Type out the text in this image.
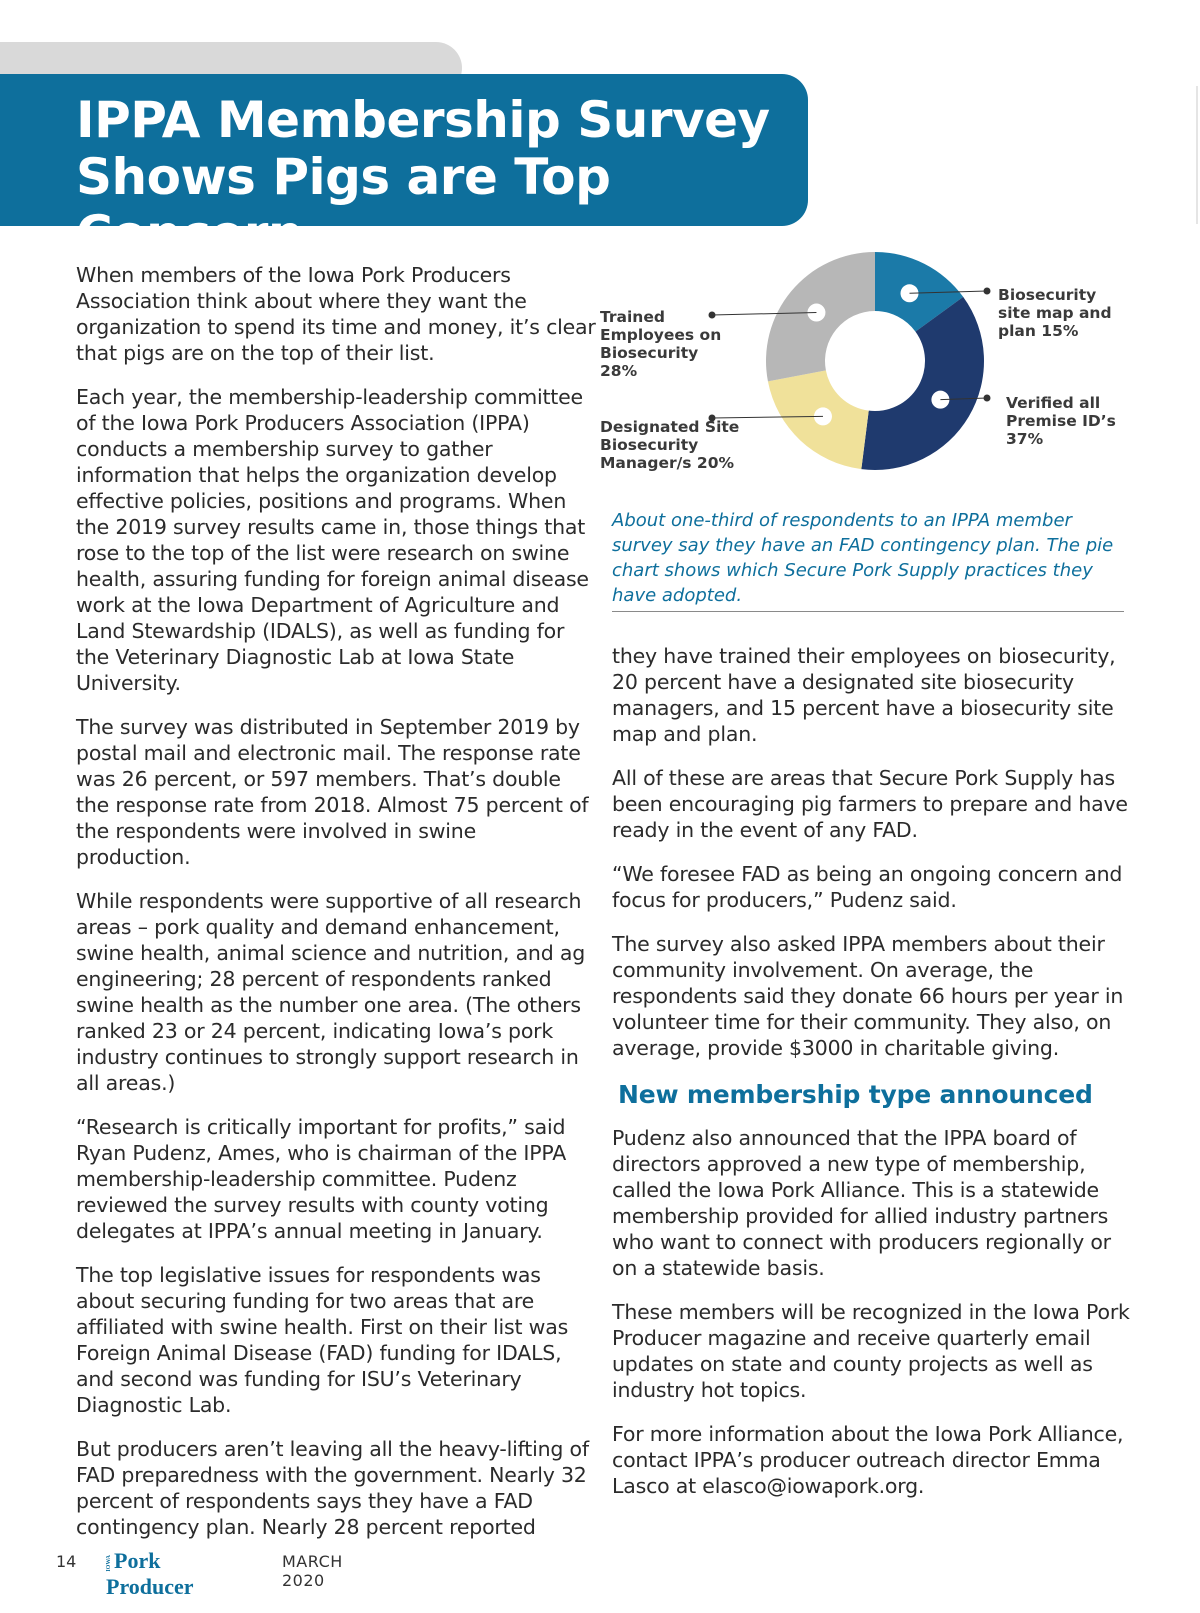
IPPA Membership Survey Shows Pigs are Top Concern

When members of the Iowa Pork Producers Association think about where they want the organization to spend its time and money, it’s clear that pigs are on the top of their list.

Each year, the membership-leadership committee of the Iowa Pork Producers Association (IPPA) conducts a membership survey to gather information that helps the organization develop effective policies, positions and programs. When the 2019 survey results came in, those things that rose to the top of the list were research on swine health, assuring funding for foreign animal disease work at the Iowa Department of Agriculture and Land Stewardship (IDALS), as well as funding for the Veterinary Diagnostic Lab at Iowa State University.

The survey was distributed in September 2019 by postal mail and electronic mail. The response rate was 26 percent, or 597 members. That’s double the response rate from 2018. Almost 75 percent of the respondents were involved in swine production.

While respondents were supportive of all research areas – pork quality and demand enhancement, swine health, animal science and nutrition, and ag engineering; 28 percent of respondents ranked swine health as the number one area. (The others ranked 23 or 24 percent, indicating Iowa’s pork industry continues to strongly support research in all areas.)

“Research is critically important for profits,” said Ryan Pudenz, Ames, who is chairman of the IPPA membership-leadership committee. Pudenz reviewed the survey results with county voting delegates at IPPA’s annual meeting in January.

The top legislative issues for respondents was about securing funding for two areas that are affiliated with swine health. First on their list was Foreign Animal Disease (FAD) funding for IDALS, and second was funding for ISU’s Veterinary Diagnostic Lab.

But producers aren’t leaving all the heavy-lifting of FAD preparedness with the government. Nearly 32 percent of respondents says they have a FAD contingency plan. Nearly 28 percent reported

Trained Employees on Biosecurity 28%
Designated Site Biosecurity Manager/s 20%
Biosecurity site map and plan 15%
Verified all Premise ID’s 37%
About one-third of respondents to an IPPA member survey say they have an FAD contingency plan. The pie chart shows which Secure Pork Supply practices they have adopted.

they have trained their employees on biosecurity, 20 percent have a designated site biosecurity managers, and 15 percent have a biosecurity site map and plan.

All of these are areas that Secure Pork Supply has been encouraging pig farmers to prepare and have ready in the event of any FAD.

“We foresee FAD as being an ongoing concern and focus for producers,” Pudenz said.

The survey also asked IPPA members about their community involvement. On average, the respondents said they donate 66 hours per year in volunteer time for their community. They also, on average, provide $3000 in charitable giving.

New membership type announced

Pudenz also announced that the IPPA board of directors approved a new type of membership, called the Iowa Pork Alliance. This is a statewide membership provided for allied industry partners who want to connect with producers regionally or on a statewide basis.

These members will be recognized in the Iowa Pork Producer magazine and receive quarterly email updates on state and county projects as well as industry hot topics.

For more information about the Iowa Pork Alliance, contact IPPA’s producer outreach director Emma Lasco at elasco@iowapork.org.

14	IOWAPork Producer
MARCH 2020
